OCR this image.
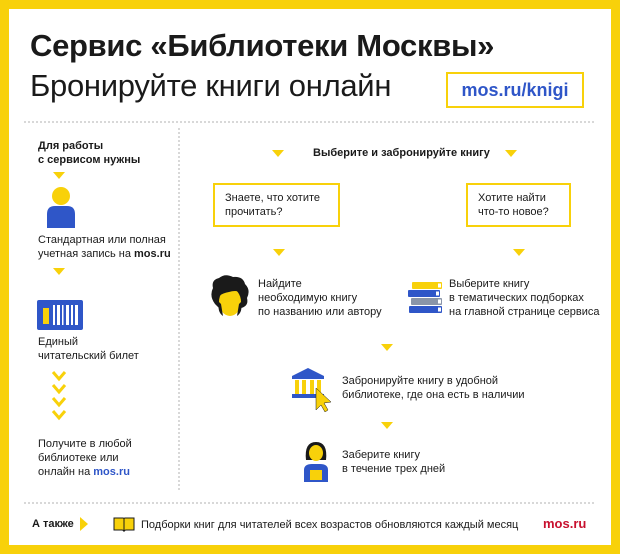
Сервис «Библиотеки Москвы»
Бронируйте книги онлайн	mos.ru/knigi
Для работы
с сервисом нужны
Стандартная или полная
учетная запись на mos.ru
Единый
читательский билет
Получите в любой
библиотеке или
онлайн на mos.ru
Выберите и забронируйте книгу
Знаете, что хотите
прочитать?
Хотите найти
что-то новое?
Найдите
необходимую книгу
по названию или автору
Выберите книгу
в тематических подборках
на главной странице сервиса
Забронируйте книгу в удобной
библиотеке, где она есть в наличии
Заберите книгу
в течение трех дней
А также	Подборки книг для читателей всех возрастов обновляются каждый месяц mos.ru
